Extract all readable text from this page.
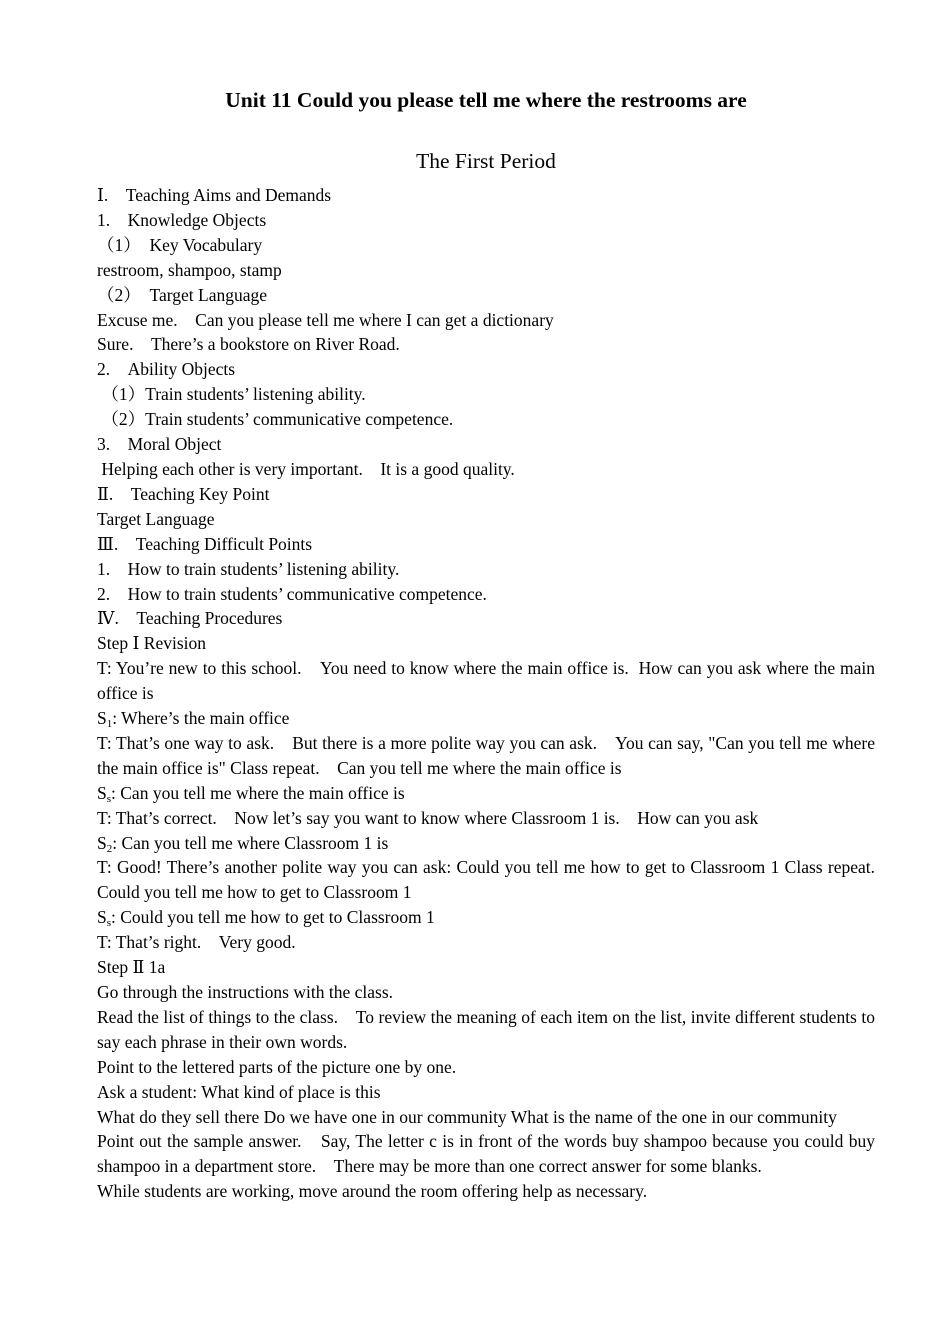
Unit 11 Could you please tell me where the restrooms are
The First Period

Ⅰ.　Teaching Aims and Demands

1.　Knowledge Objects

（1）　Key Vocabulary

restroom, shampoo, stamp

（2）　Target Language

Excuse me.　Can you please tell me where I can get a dictionary

Sure.　There’s a bookstore on River Road.

2.　Ability Objects

（1）Train students’ listening ability.

（2）Train students’ communicative competence.

3.　Moral Object

Helping each other is very important.　It is a good quality.

Ⅱ.　Teaching Key Point

Target Language

Ⅲ.　Teaching Difficult Points

1.　How to train students’ listening ability.

2.　How to train students’ communicative competence.

Ⅳ.　Teaching Procedures

Step Ⅰ Revision

T: You’re new to this school.　You need to know where the main office is.  How can you ask where the main office is

$S_1$: Where’s the main office

T: That’s one way to ask.　But there is a more polite way you can ask.　You can say, "Can you tell me where the main office is" Class repeat.　Can you tell me where the main office is

$S_s$: Can you tell me where the main office is

T: That’s correct.　Now let’s say you want to know where Classroom 1 is.　How can you ask

$S_2$: Can you tell me where Classroom 1 is

T: Good! There’s another polite way you can ask: Could you tell me how to get to Classroom 1 Class repeat.　Could you tell me how to get to Classroom 1

$S_s$: Could you tell me how to get to Classroom 1

T: That’s right.　Very good.

Step Ⅱ 1a

Go through the instructions with the class.

Read the list of things to the class.　To review the meaning of each item on the list, invite different students to say each phrase in their own words.

Point to the lettered parts of the picture one by one.

Ask a student: What kind of place is this

What do they sell there Do we have one in our community What is the name of the one in our community

Point out the sample answer.　Say, The letter c is in front of the words buy shampoo because you could buy shampoo in a department store.　There may be more than one correct answer for some blanks.

While students are working, move around the room offering help as necessary.
